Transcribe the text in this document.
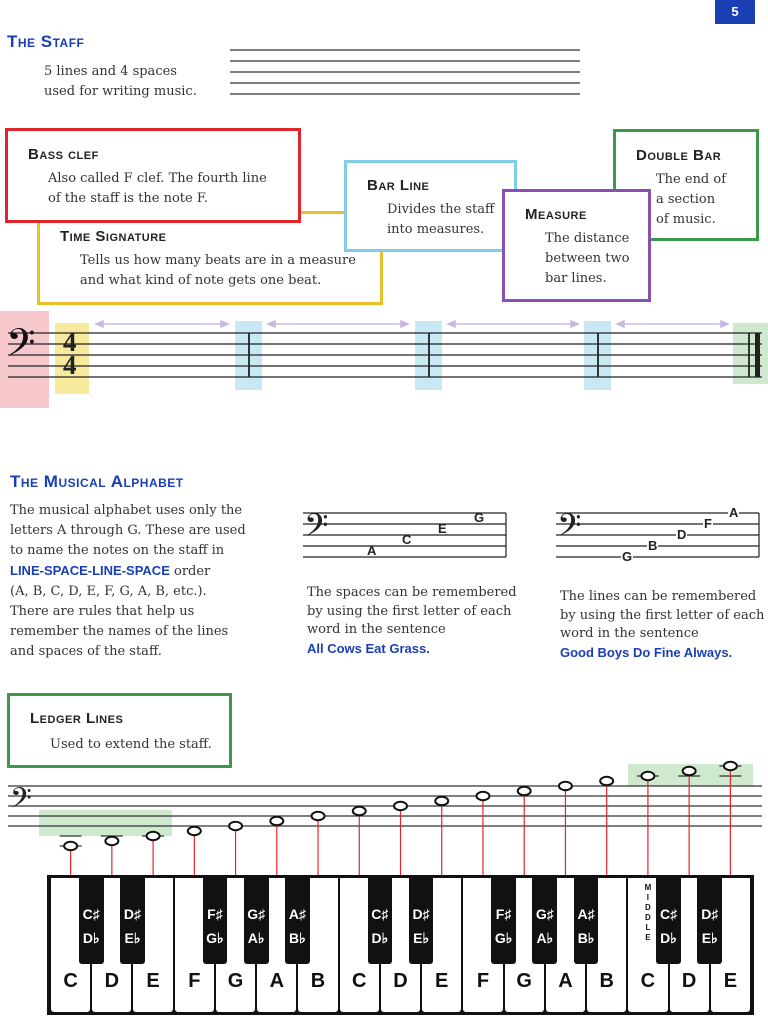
5
The Staff
5 lines and 4 spaces
used for writing music.
Time Signature

Tells us how many beats are in a measure

and what kind of note gets one beat.

Bass clef

Also called F clef. The fourth line

of the staff is the note F.

Bar Line

Divides the staff

into measures.

Double Bar

The end of

a section

of music.

Measure

The distance

between two

bar lines.

𝄢 4
4
The Musical Alphabet
The musical alphabet uses only the
letters A through G. These are used
to name the notes on the staff in
LINE-SPACE-LINE-SPACE order
(A, B, C, D, E, F, G, A, B, etc.).
There are rules that help us
remember the names of the lines
and spaces of the staff.
𝄢	A
C
E
G 𝄢
G
B
D
F
A
The spaces can be remembered
by using the first letter of each
word in the sentence
All Cows Eat Grass.
The lines can be remembered
by using the first letter of each
word in the sentence
Good Boys Do Fine Always.
Ledger Lines

Used to extend the staff.

𝄢
C	D	E	F	G	A	B	C	D	E	F	G	A	B	C	D	E
C♯
D♭
D♯
E♭
F♯
G♭
G♯
A♭
A♯
B♭
C♯
D♭
D♯
E♭
F♯
G♭
G♯
A♭
A♯
B♭
C♯
D♭
D♯
E♭
M
I
D
D
L
E
